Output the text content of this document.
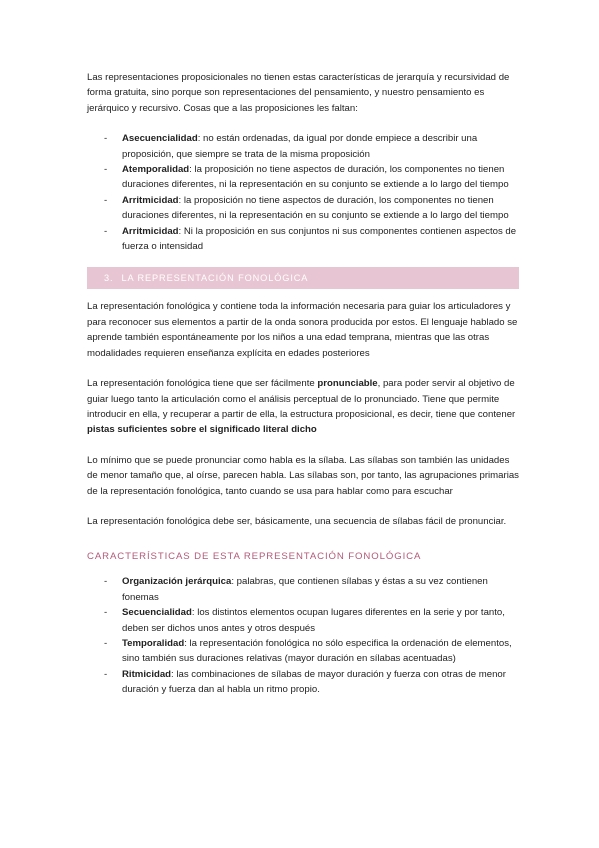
Las representaciones proposicionales no tienen estas características de jerarquía y recursividad de forma gratuita, sino porque son representaciones del pensamiento, y nuestro pensamiento es jerárquico y recursivo. Cosas que a las proposiciones les faltan:

- Asecuencialidad: no están ordenadas, da igual por donde empiece a describir una proposición, que siempre se trata de la misma proposición
- Atemporalidad: la proposición no tiene aspectos de duración, los componentes no tienen duraciones diferentes, ni la representación en su conjunto se extiende a lo largo del tiempo
- Arritmicidad: la proposición no tiene aspectos de duración, los componentes no tienen duraciones diferentes, ni la representación en su conjunto se extiende a lo largo del tiempo
- Arritmicidad: Ni la proposición en sus conjuntos ni sus componentes contienen aspectos de fuerza o intensidad
3. LA REPRESENTACIÓN FONOLÓGICA

La representación fonológica y contiene toda la información necesaria para guiar los articuladores y para reconocer sus elementos a partir de la onda sonora producida por estos. El lenguaje hablado se aprende también espontáneamente por los niños a una edad temprana, mientras que las otras modalidades requieren enseñanza explícita en edades posteriores

La representación fonológica tiene que ser fácilmente pronunciable, para poder servir al objetivo de guiar luego tanto la articulación como el análisis perceptual de lo pronunciado. Tiene que permite introducir en ella, y recuperar a partir de ella, la estructura proposicional, es decir, tiene que contener pistas suficientes sobre el significado literal dicho

Lo mínimo que se puede pronunciar como habla es la sílaba. Las sílabas son también las unidades de menor tamaño que, al oírse, parecen habla. Las sílabas son, por tanto, las agrupaciones primarias de la representación fonológica, tanto cuando se usa para hablar como para escuchar

La representación fonológica debe ser, básicamente, una secuencia de sílabas fácil de pronunciar.

CARACTERÍSTICAS DE ESTA REPRESENTACIÓN FONOLÓGICA
- Organización jerárquica: palabras, que contienen sílabas y éstas a su vez contienen fonemas
- Secuencialidad: los distintos elementos ocupan lugares diferentes en la serie y por tanto, deben ser dichos unos antes y otros después
- Temporalidad: la representación fonológica no sólo especifica la ordenación de elementos, sino también sus duraciones relativas (mayor duración en sílabas acentuadas)
- Ritmicidad: las combinaciones de sílabas de mayor duración y fuerza con otras de menor duración y fuerza dan al habla un ritmo propio.
